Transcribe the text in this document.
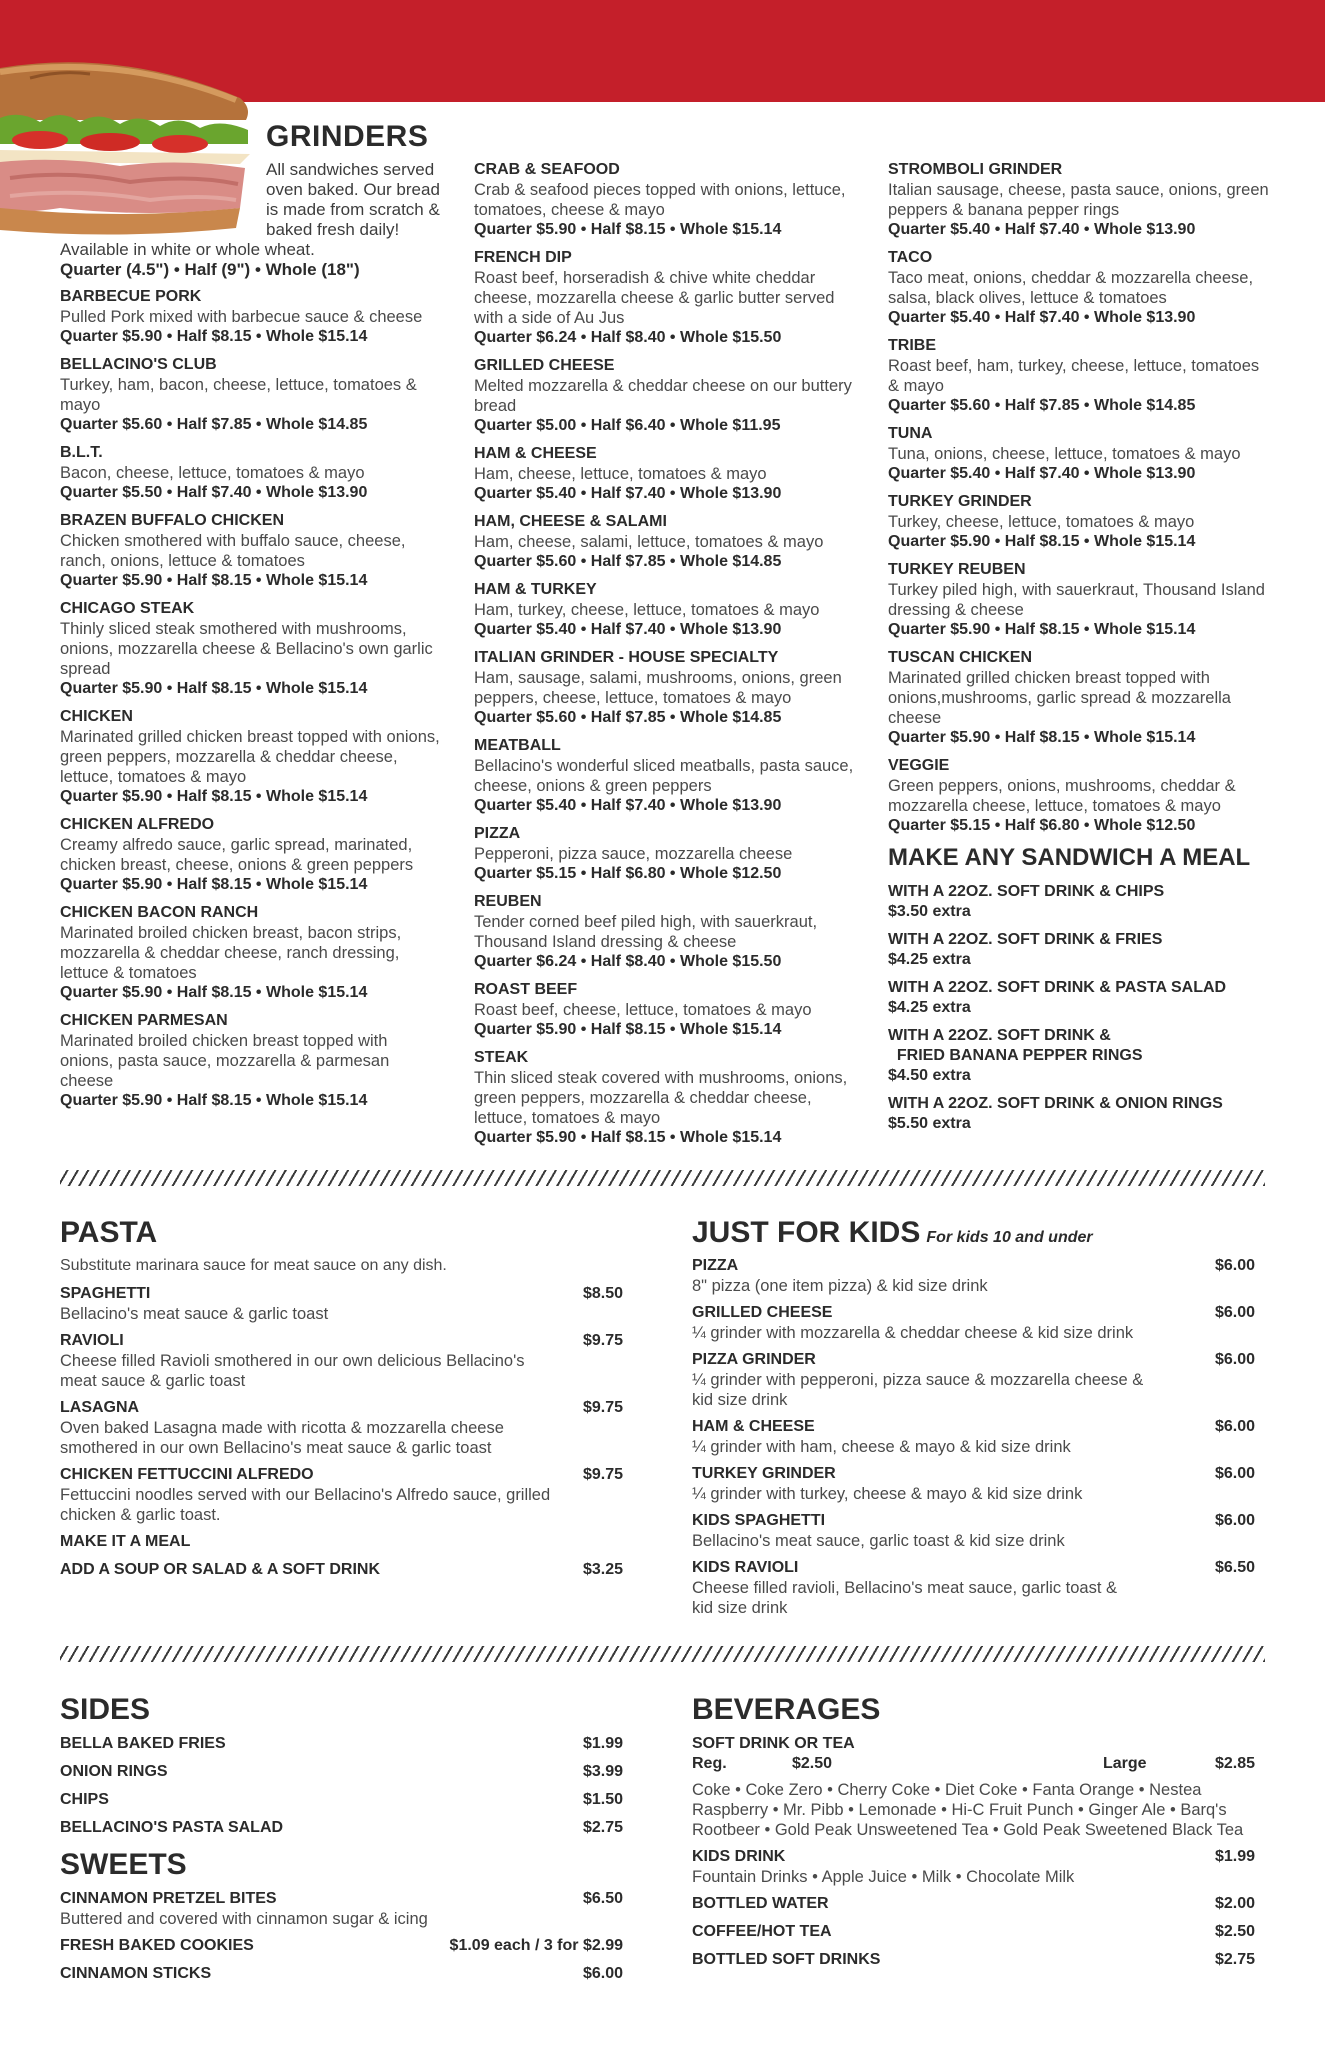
GRINDERS
All sandwiches served oven baked. Our bread is made from scratch & baked fresh daily! Available in white or whole wheat.
Quarter (4.5") • Half (9") • Whole (18")
BARBECUE PORK
Pulled Pork mixed with barbecue sauce & cheese
Quarter $5.90 • Half $8.15 • Whole $15.14
BELLACINO'S CLUB
Turkey, ham, bacon, cheese, lettuce, tomatoes & mayo
Quarter $5.60 • Half $7.85 • Whole $14.85
B.L.T.
Bacon, cheese, lettuce, tomatoes & mayo
Quarter $5.50 • Half $7.40 • Whole $13.90
BRAZEN BUFFALO CHICKEN
Chicken smothered with buffalo sauce, cheese, ranch, onions, lettuce & tomatoes
Quarter $5.90 • Half $8.15 • Whole $15.14
CHICAGO STEAK
Thinly sliced steak smothered with mushrooms, onions, mozzarella cheese & Bellacino's own garlic spread
Quarter $5.90 • Half $8.15 • Whole $15.14
CHICKEN
Marinated grilled chicken breast topped with onions, green peppers, mozzarella & cheddar cheese, lettuce, tomatoes & mayo
Quarter $5.90 • Half $8.15 • Whole $15.14
CHICKEN ALFREDO
Creamy alfredo sauce, garlic spread, marinated, chicken breast, cheese, onions & green peppers
Quarter $5.90 • Half $8.15 • Whole $15.14
CHICKEN BACON RANCH
Marinated broiled chicken breast, bacon strips, mozzarella & cheddar cheese, ranch dressing, lettuce & tomatoes
Quarter $5.90 • Half $8.15 • Whole $15.14
CHICKEN PARMESAN
Marinated broiled chicken breast topped with onions, pasta sauce, mozzarella & parmesan cheese
Quarter $5.90 • Half $8.15 • Whole $15.14
CRAB & SEAFOOD
Crab & seafood pieces topped with onions, lettuce, tomatoes, cheese & mayo
Quarter $5.90 • Half $8.15 • Whole $15.14
FRENCH DIP
Roast beef, horseradish & chive white cheddar cheese, mozzarella cheese & garlic butter served with a side of Au Jus
Quarter $6.24 • Half $8.40 • Whole $15.50
GRILLED CHEESE
Melted mozzarella & cheddar cheese on our buttery bread
Quarter $5.00 • Half $6.40 • Whole $11.95
HAM & CHEESE
Ham, cheese, lettuce, tomatoes & mayo
Quarter $5.40 • Half $7.40 • Whole $13.90
HAM, CHEESE & SALAMI
Ham, cheese, salami, lettuce, tomatoes & mayo
Quarter $5.60 • Half $7.85 • Whole $14.85
HAM & TURKEY
Ham, turkey, cheese, lettuce, tomatoes & mayo
Quarter $5.40 • Half $7.40 • Whole $13.90
ITALIAN GRINDER - HOUSE SPECIALTY
Ham, sausage, salami, mushrooms, onions, green peppers, cheese, lettuce, tomatoes & mayo
Quarter $5.60 • Half $7.85 • Whole $14.85
MEATBALL
Bellacino's wonderful sliced meatballs, pasta sauce, cheese, onions & green peppers
Quarter $5.40 • Half $7.40 • Whole $13.90
PIZZA
Pepperoni, pizza sauce, mozzarella cheese
Quarter $5.15 • Half $6.80 • Whole $12.50
REUBEN
Tender corned beef piled high, with sauerkraut, Thousand Island dressing & cheese
Quarter $6.24 • Half $8.40 • Whole $15.50
ROAST BEEF
Roast beef, cheese, lettuce, tomatoes & mayo
Quarter $5.90 • Half $8.15 • Whole $15.14
STEAK
Thin sliced steak covered with mushrooms, onions, green peppers, mozzarella & cheddar cheese, lettuce, tomatoes & mayo
Quarter $5.90 • Half $8.15 • Whole $15.14
STROMBOLI GRINDER
Italian sausage, cheese, pasta sauce, onions, green peppers & banana pepper rings
Quarter $5.40 • Half $7.40 • Whole $13.90
TACO
Taco meat, onions, cheddar & mozzarella cheese, salsa, black olives, lettuce & tomatoes
Quarter $5.40 • Half $7.40 • Whole $13.90
TRIBE
Roast beef, ham, turkey, cheese, lettuce, tomatoes & mayo
Quarter $5.60 • Half $7.85 • Whole $14.85
TUNA
Tuna, onions, cheese, lettuce, tomatoes & mayo
Quarter $5.40 • Half $7.40 • Whole $13.90
TURKEY GRINDER
Turkey, cheese, lettuce, tomatoes & mayo
Quarter $5.90 • Half $8.15 • Whole $15.14
TURKEY REUBEN
Turkey piled high, with sauerkraut, Thousand Island dressing & cheese
Quarter $5.90 • Half $8.15 • Whole $15.14
TUSCAN CHICKEN
Marinated grilled chicken breast topped with onions,mushrooms, garlic spread & mozzarella cheese
Quarter $5.90 • Half $8.15 • Whole $15.14
VEGGIE
Green peppers, onions, mushrooms, cheddar & mozzarella cheese, lettuce, tomatoes & mayo
Quarter $5.15 • Half $6.80 • Whole $12.50
MAKE ANY SANDWICH A MEAL
WITH A 22OZ. SOFT DRINK & CHIPS
$3.50 extra
WITH A 22OZ. SOFT DRINK & FRIES
$4.25 extra
WITH A 22OZ. SOFT DRINK & PASTA SALAD
$4.25 extra
WITH A 22OZ. SOFT DRINK &
FRIED BANANA PEPPER RINGS
$4.50 extra
WITH A 22OZ. SOFT DRINK & ONION RINGS
$5.50 extra
PASTA
Substitute marinara sauce for meat sauce on any dish.
SPAGHETTI	$8.50
Bellacino's meat sauce & garlic toast
RAVIOLI	$9.75
Cheese filled Ravioli smothered in our own delicious Bellacino's meat sauce & garlic toast
LASAGNA	$9.75
Oven baked Lasagna made with ricotta & mozzarella cheese smothered in our own Bellacino's meat sauce & garlic toast
CHICKEN FETTUCCINI ALFREDO	$9.75
Fettuccini noodles served with our Bellacino's Alfredo sauce, grilled chicken & garlic toast.
MAKE IT A MEAL
ADD A SOUP OR SALAD & A SOFT DRINK	$3.25
JUST FOR KIDS For kids 10 and under
PIZZA	$6.00
8" pizza (one item pizza) & kid size drink
GRILLED CHEESE	$6.00
¼ grinder with mozzarella & cheddar cheese & kid size drink
PIZZA GRINDER	$6.00
¼ grinder with pepperoni, pizza sauce & mozzarella cheese & kid size drink
HAM & CHEESE	$6.00
¼ grinder with ham, cheese & mayo & kid size drink
TURKEY GRINDER	$6.00
¼ grinder with turkey, cheese & mayo & kid size drink
KIDS SPAGHETTI	$6.00
Bellacino's meat sauce, garlic toast & kid size drink
KIDS RAVIOLI	$6.50
Cheese filled ravioli, Bellacino's meat sauce, garlic toast & kid size drink
SIDES
BELLA BAKED FRIES	$1.99
ONION RINGS	$3.99
CHIPS	$1.50
BELLACINO'S PASTA SALAD	$2.75
SWEETS
CINNAMON PRETZEL BITES	$6.50
Buttered and covered with cinnamon sugar & icing
FRESH BAKED COOKIES	$1.09 each / 3 for $2.99
CINNAMON STICKS	$6.00
BEVERAGES
SOFT DRINK OR TEA
Reg.	$2.50	Large	$2.85
Coke • Coke Zero • Cherry Coke • Diet Coke • Fanta Orange • Nestea Raspberry • Mr. Pibb • Lemonade • Hi-C Fruit Punch • Ginger Ale • Barq's Rootbeer • Gold Peak Unsweetened Tea • Gold Peak Sweetened Black Tea
KIDS DRINK	$1.99
Fountain Drinks • Apple Juice • Milk • Chocolate Milk
BOTTLED WATER	$2.00
COFFEE/HOT TEA	$2.50
BOTTLED SOFT DRINKS	$2.75
